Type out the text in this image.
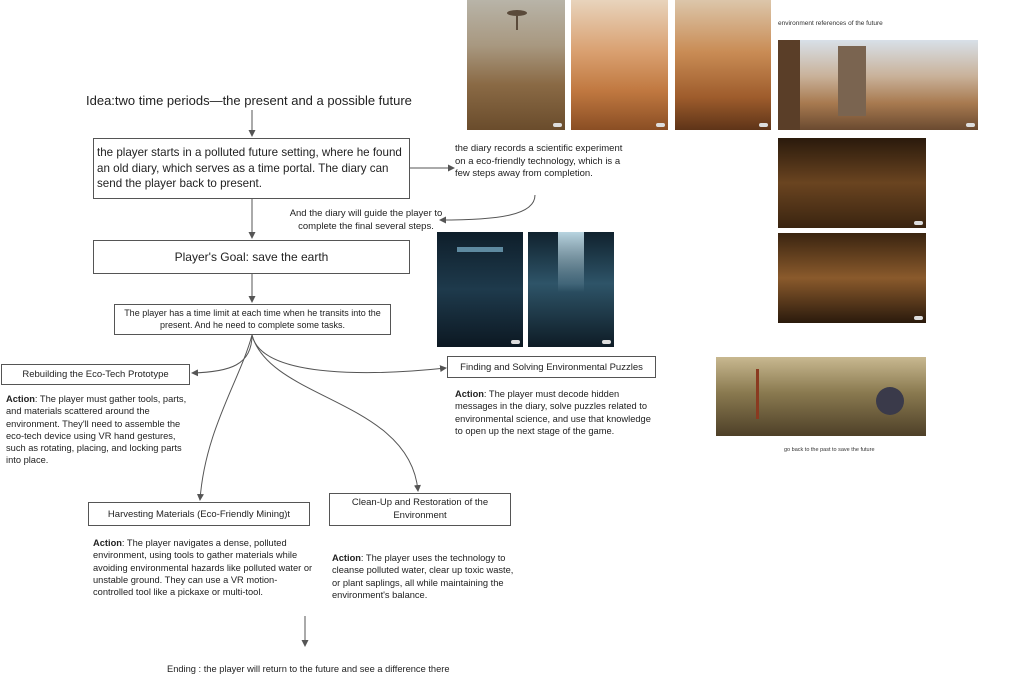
Idea:two time periods—the present and a possible future
the player starts in a polluted future setting, where he found an old diary, which serves as a time portal. The diary can send the player back to present.
the diary records a scientific experiment on a eco-friendly technology, which is a few steps away from completion.
And the diary will guide the player to complete the final several steps.
Player's Goal: save the earth
The player has a time limit at each time when he transits into the present. And he need to complete some tasks.
Rebuilding the Eco-Tech Prototype
Action: The player must gather tools, parts, and materials scattered around the environment. They'll need to assemble the eco-tech device using VR hand gestures, such as rotating, placing, and locking parts into place.
Finding and Solving Environmental Puzzles
Action: The player must decode hidden messages in the diary, solve puzzles related to environmental science, and use that knowledge to open up the next stage of the game.
Harvesting Materials (Eco-Friendly Mining)t
Action: The player navigates a dense, polluted environment, using tools to gather materials while avoiding environmental hazards like polluted water or unstable ground. They can use a VR motion-controlled tool like a pickaxe or multi-tool.
Clean-Up and Restoration of the Environment
Action: The player uses the technology to cleanse polluted water, clear up toxic waste, or plant saplings, all while maintaining the environment's balance.
Ending : the player will return to the future and see a difference there
environment references of the future
go back to the past to save the future
